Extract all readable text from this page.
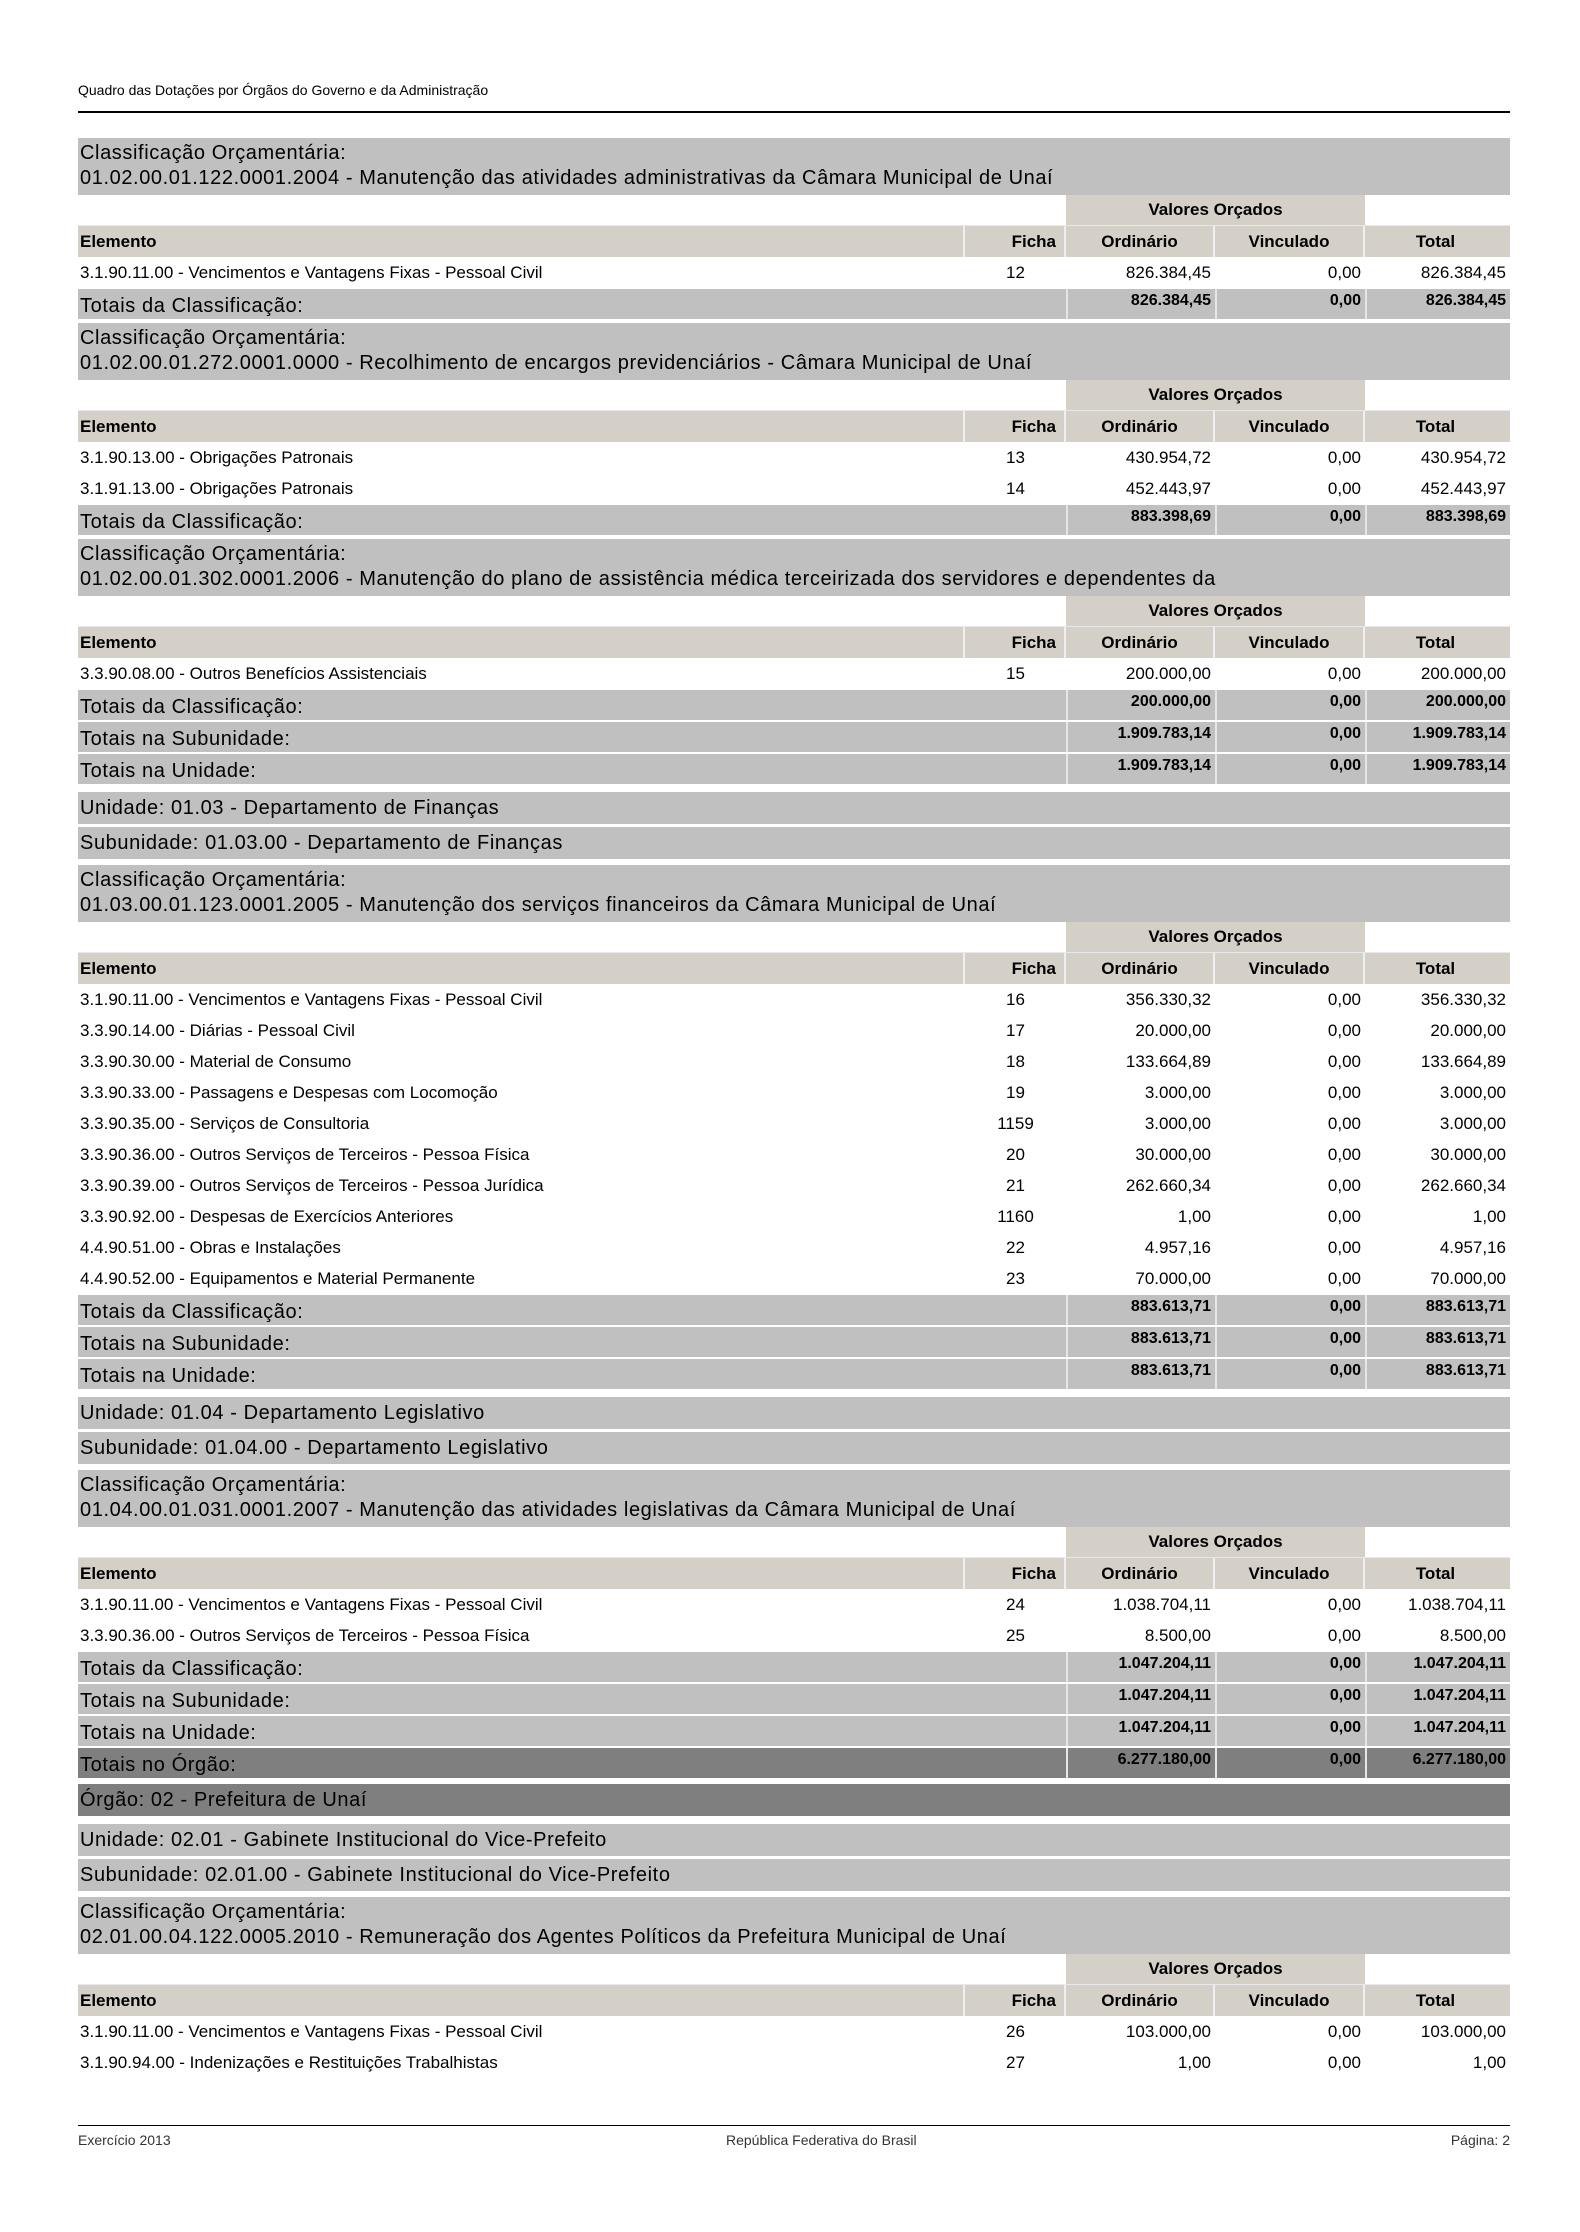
Quadro das Dotações por Órgãos do Governo e da Administração
Classificação Orçamentária:
01.02.00.01.122.0001.2004 - Manutenção das atividades administrativas da Câmara Municipal de Unaí
Valores Orçados
Elemento	Ficha	Ordinário	Vinculado	Total
3.1.90.11.00 - Vencimentos e Vantagens Fixas - Pessoal Civil	12	826.384,45	0,00	826.384,45
Totais da Classificação:	826.384,45	0,00	826.384,45
Classificação Orçamentária:
01.02.00.01.272.0001.0000 - Recolhimento de encargos previdenciários - Câmara Municipal de Unaí
Valores Orçados
Elemento	Ficha	Ordinário	Vinculado	Total
3.1.90.13.00 - Obrigações Patronais	13	430.954,72	0,00	430.954,72
3.1.91.13.00 - Obrigações Patronais	14	452.443,97	0,00	452.443,97
Totais da Classificação:	883.398,69	0,00	883.398,69
Classificação Orçamentária:
01.02.00.01.302.0001.2006 - Manutenção do plano de assistência médica terceirizada dos servidores e dependentes da
Valores Orçados
Elemento	Ficha	Ordinário	Vinculado	Total
3.3.90.08.00 - Outros Benefícios Assistenciais	15	200.000,00	0,00	200.000,00
Totais da Classificação:	200.000,00	0,00	200.000,00
Totais na Subunidade:	1.909.783,14	0,00	1.909.783,14
Totais na Unidade:	1.909.783,14	0,00	1.909.783,14
Unidade: 01.03 - Departamento de Finanças
Subunidade: 01.03.00 - Departamento de Finanças
Classificação Orçamentária:
01.03.00.01.123.0001.2005 - Manutenção dos serviços financeiros da Câmara Municipal de Unaí
Valores Orçados
Elemento	Ficha	Ordinário	Vinculado	Total
3.1.90.11.00 - Vencimentos e Vantagens Fixas - Pessoal Civil	16	356.330,32	0,00	356.330,32
3.3.90.14.00 - Diárias - Pessoal Civil	17	20.000,00	0,00	20.000,00
3.3.90.30.00 - Material de Consumo	18	133.664,89	0,00	133.664,89
3.3.90.33.00 - Passagens e Despesas com Locomoção	19	3.000,00	0,00	3.000,00
3.3.90.35.00 - Serviços de Consultoria	1159	3.000,00	0,00	3.000,00
3.3.90.36.00 - Outros Serviços de Terceiros - Pessoa Física	20	30.000,00	0,00	30.000,00
3.3.90.39.00 - Outros Serviços de Terceiros - Pessoa Jurídica	21	262.660,34	0,00	262.660,34
3.3.90.92.00 - Despesas de Exercícios Anteriores	1160	1,00	0,00	1,00
4.4.90.51.00 - Obras e Instalações	22	4.957,16	0,00	4.957,16
4.4.90.52.00 - Equipamentos e Material Permanente	23	70.000,00	0,00	70.000,00
Totais da Classificação:	883.613,71	0,00	883.613,71
Totais na Subunidade:	883.613,71	0,00	883.613,71
Totais na Unidade:	883.613,71	0,00	883.613,71
Unidade: 01.04 - Departamento Legislativo
Subunidade: 01.04.00 - Departamento Legislativo
Classificação Orçamentária:
01.04.00.01.031.0001.2007 - Manutenção das atividades legislativas da Câmara Municipal de Unaí
Valores Orçados
Elemento	Ficha	Ordinário	Vinculado	Total
3.1.90.11.00 - Vencimentos e Vantagens Fixas - Pessoal Civil	24	1.038.704,11	0,00	1.038.704,11
3.3.90.36.00 - Outros Serviços de Terceiros - Pessoa Física	25	8.500,00	0,00	8.500,00
Totais da Classificação:	1.047.204,11	0,00	1.047.204,11
Totais na Subunidade:	1.047.204,11	0,00	1.047.204,11
Totais na Unidade:	1.047.204,11	0,00	1.047.204,11
Totais no Órgão:	6.277.180,00	0,00	6.277.180,00
Órgão: 02 - Prefeitura de Unaí
Unidade: 02.01 - Gabinete Institucional do Vice-Prefeito
Subunidade: 02.01.00 - Gabinete Institucional do Vice-Prefeito
Classificação Orçamentária:
02.01.00.04.122.0005.2010 - Remuneração dos Agentes Políticos da Prefeitura Municipal de Unaí
Valores Orçados
Elemento	Ficha	Ordinário	Vinculado	Total
3.1.90.11.00 - Vencimentos e Vantagens Fixas - Pessoal Civil	26	103.000,00	0,00	103.000,00
3.1.90.94.00 - Indenizações e Restituições Trabalhistas	27	1,00	0,00	1,00
Exercício 2013	República Federativa do Brasil	Página: 2
